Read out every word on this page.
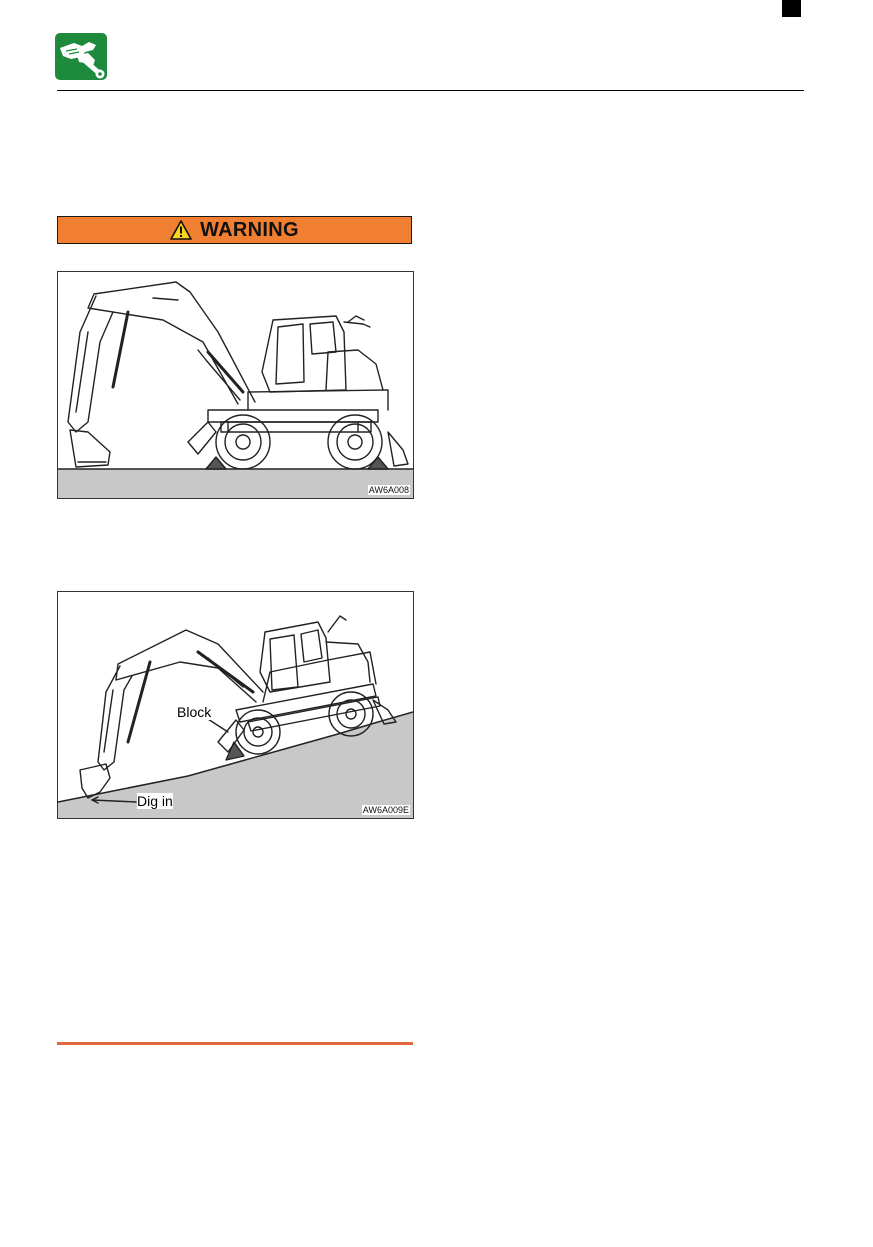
WARNING
AW6A008
Block
Dig in
AW6A009E
